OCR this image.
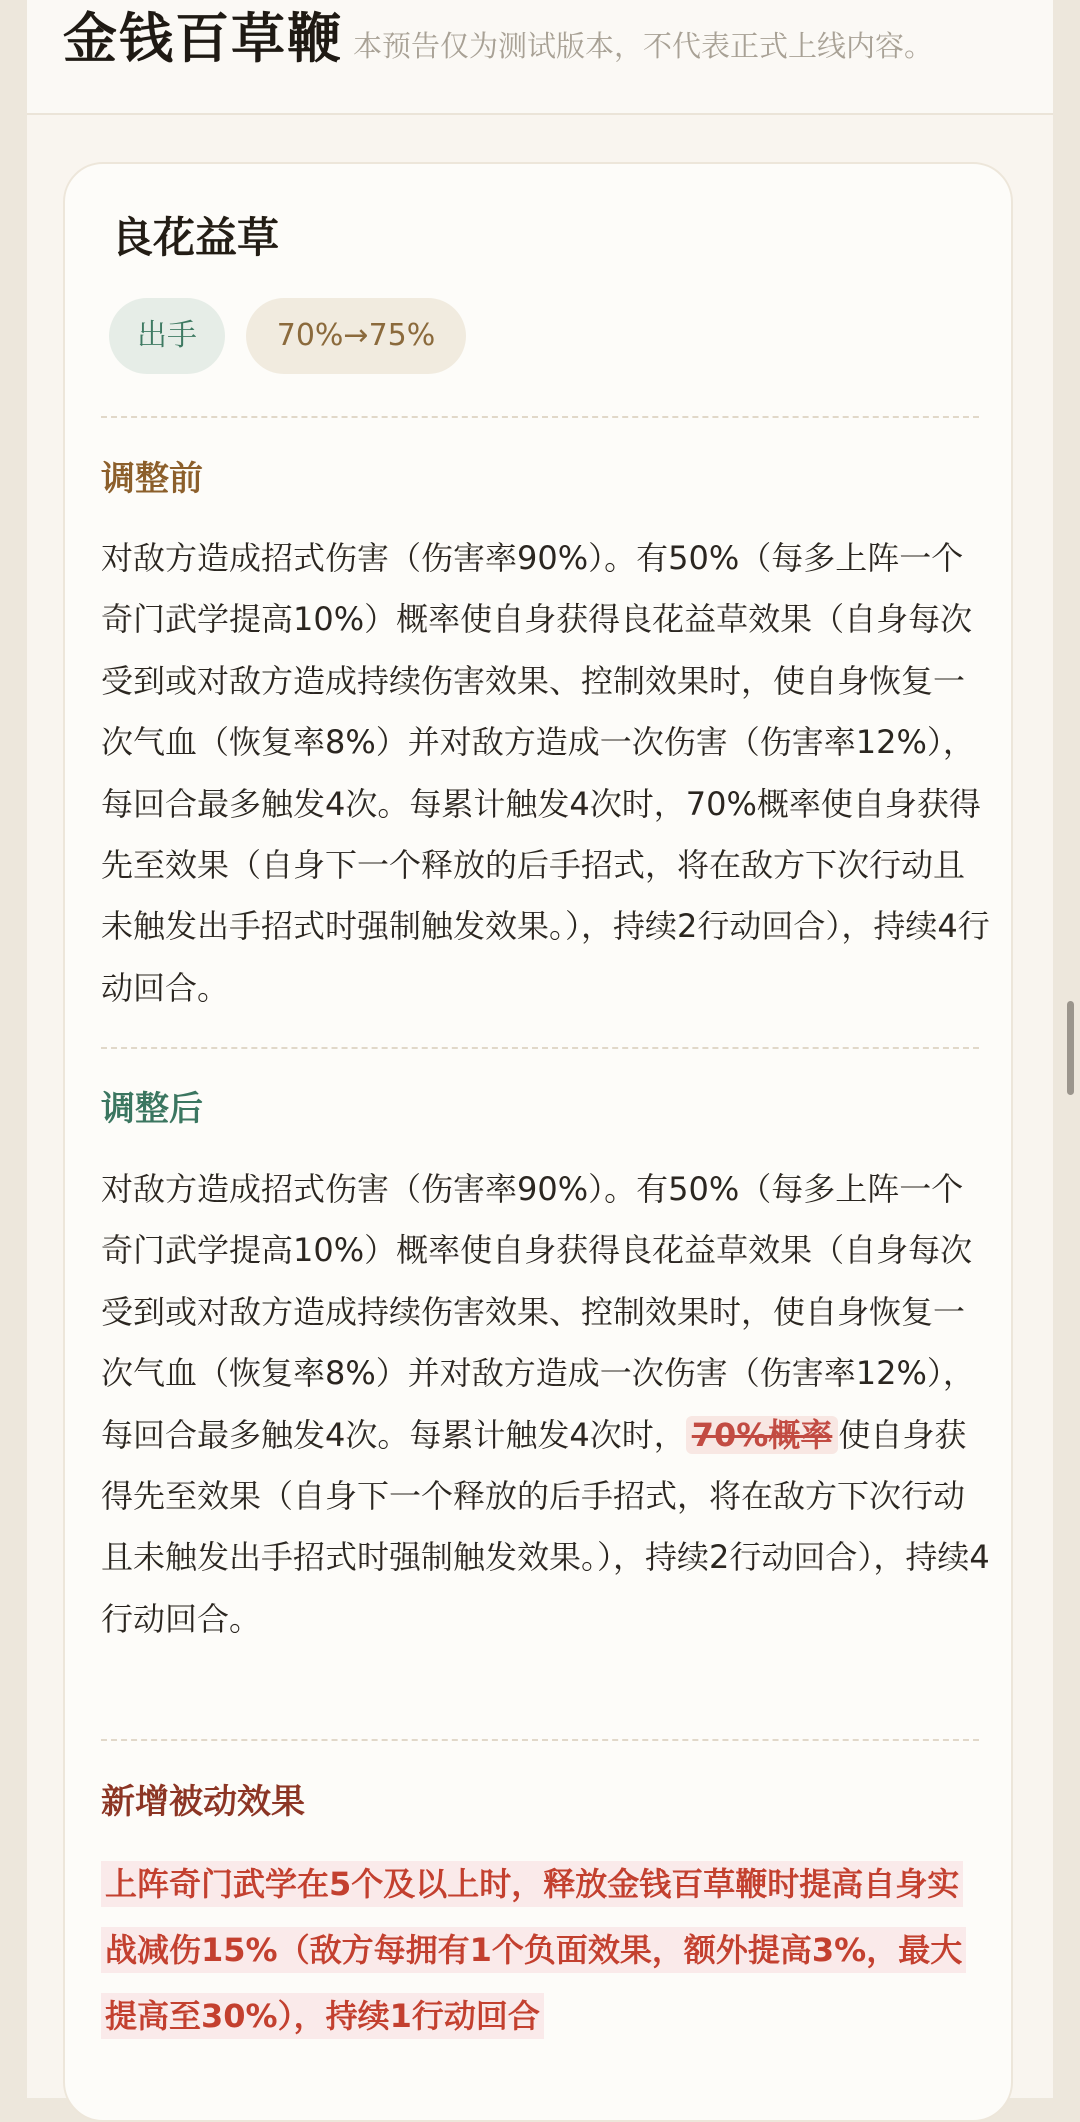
金钱百草鞭 本预告仅为测试版本，不代表正式上线内容。
良花益草
出手	70%→75%
调整前
对敌方造成招式伤害（伤害率90%）。有50%（每多上阵一个奇门武学提高10%）概率使自身获得良花益草效果（自身每次受到或对敌方造成持续伤害效果、控制效果时，使自身恢复一次气血（恢复率8%）并对敌方造成一次伤害（伤害率12%），每回合最多触发4次。每累计触发4次时，70%概率使自身获得先至效果（自身下一个释放的后手招式，将在敌方下次行动且未触发出手招式时强制触发效果。），持续2行动回合），持续4行动回合。
调整后
对敌方造成招式伤害（伤害率90%）。有50%（每多上阵一个奇门武学提高10%）概率使自身获得良花益草效果（自身每次受到或对敌方造成持续伤害效果、控制效果时，使自身恢复一次气血（恢复率8%）并对敌方造成一次伤害（伤害率12%），每回合最多触发4次。每累计触发4次时， 70%概率 使自身获得先至效果（自身下一个释放的后手招式，将在敌方下次行动且未触发出手招式时强制触发效果。），持续2行动回合），持续4行动回合。
新增被动效果
上阵奇门武学在5个及以上时，释放金钱百草鞭时提高自身实战减伤15%（敌方每拥有1个负面效果，额外提高3%，最大提高至30%），持续1行动回合
